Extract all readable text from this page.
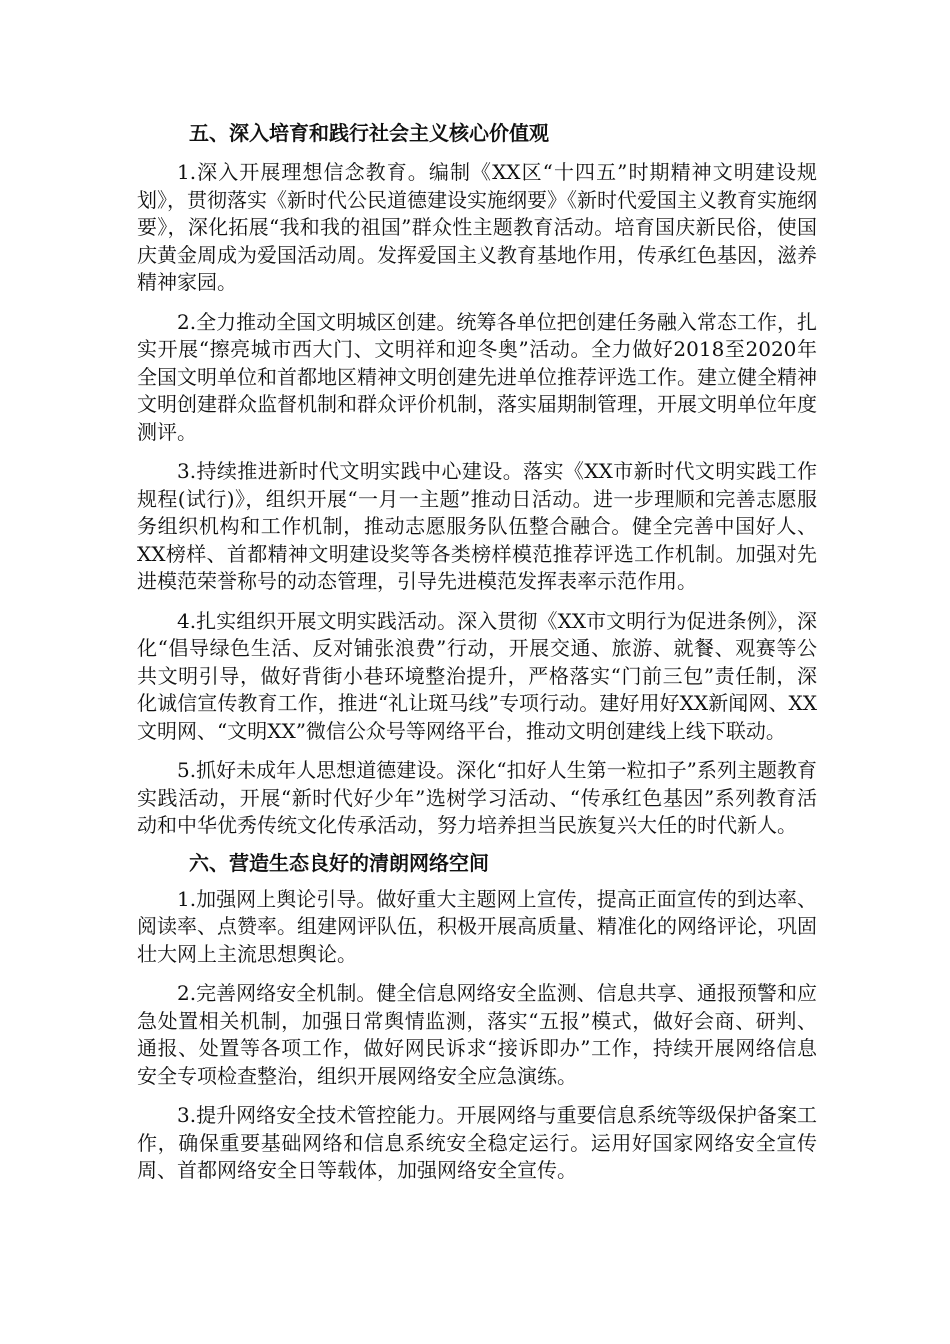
五、深入培育和践行社会主义核心价值观

1.深入开展理想信念教育。编制《XX区“十四五”时期精神文明建设规划》，贯彻落实《新时代公民道德建设实施纲要》《新时代爱国主义教育实施纲要》，深化拓展“我和我的祖国”群众性主题教育活动。培育国庆新民俗，使国庆黄金周成为爱国活动周。发挥爱国主义教育基地作用，传承红色基因，滋养精神家园。

2.全力推动全国文明城区创建。统筹各单位把创建任务融入常态工作，扎实开展“擦亮城市西大门、文明祥和迎冬奥”活动。全力做好2018至2020年全国文明单位和首都地区精神文明创建先进单位推荐评选工作。建立健全精神文明创建群众监督机制和群众评价机制，落实届期制管理，开展文明单位年度测评。

3.持续推进新时代文明实践中心建设。落实《XX市新时代文明实践工作规程(试行)》，组织开展“一月一主题”推动日活动。进一步理顺和完善志愿服务组织机构和工作机制，推动志愿服务队伍整合融合。健全完善中国好人、XX榜样、首都精神文明建设奖等各类榜样模范推荐评选工作机制。加强对先进模范荣誉称号的动态管理，引导先进模范发挥表率示范作用。

4.扎实组织开展文明实践活动。深入贯彻《XX市文明行为促进条例》，深化“倡导绿色生活、反对铺张浪费”行动，开展交通、旅游、就餐、观赛等公共文明引导，做好背街小巷环境整治提升，严格落实“门前三包”责任制，深化诚信宣传教育工作，推进“礼让斑马线”专项行动。建好用好XX新闻网、XX文明网、“文明XX”微信公众号等网络平台，推动文明创建线上线下联动。

5.抓好未成年人思想道德建设。深化“扣好人生第一粒扣子”系列主题教育实践活动，开展“新时代好少年”选树学习活动、“传承红色基因”系列教育活动和中华优秀传统文化传承活动，努力培养担当民族复兴大任的时代新人。

六、营造生态良好的清朗网络空间

1.加强网上舆论引导。做好重大主题网上宣传，提高正面宣传的到达率、阅读率、点赞率。组建网评队伍，积极开展高质量、精准化的网络评论，巩固壮大网上主流思想舆论。

2.完善网络安全机制。健全信息网络安全监测、信息共享、通报预警和应急处置相关机制，加强日常舆情监测，落实“五报”模式，做好会商、研判、通报、处置等各项工作，做好网民诉求“接诉即办”工作，持续开展网络信息安全专项检查整治，组织开展网络安全应急演练。

3.提升网络安全技术管控能力。开展网络与重要信息系统等级保护备案工作，确保重要基础网络和信息系统安全稳定运行。运用好国家网络安全宣传周、首都网络安全日等载体，加强网络安全宣传。
